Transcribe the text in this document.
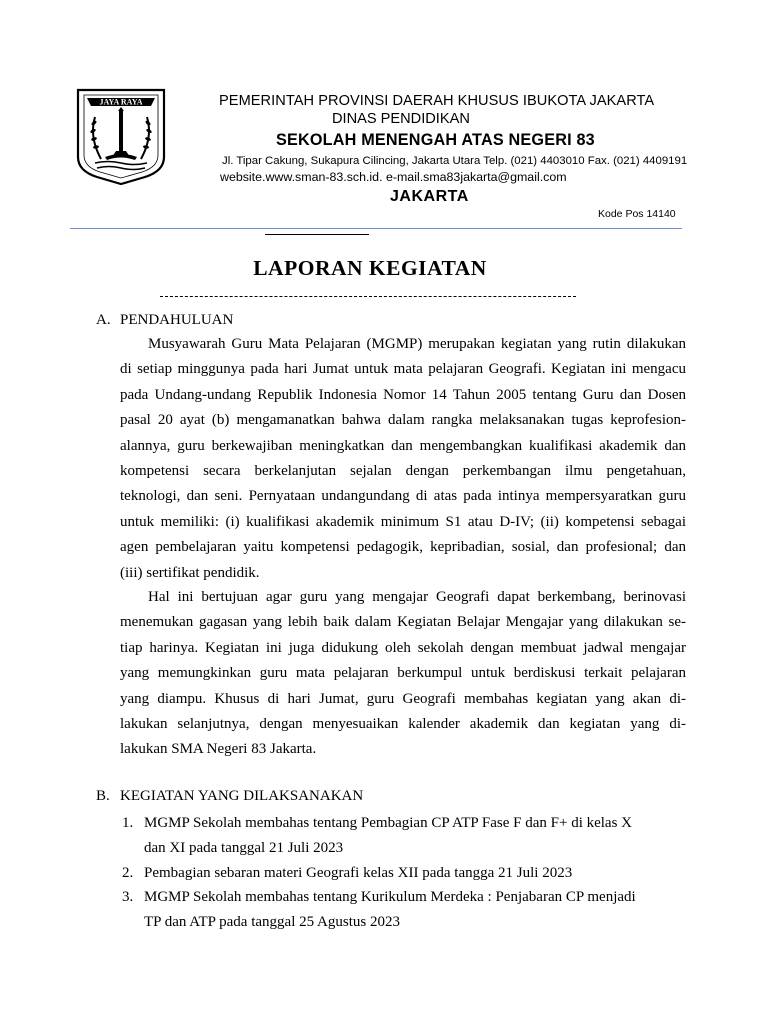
JAYA RAYA	PEMERINTAH PROVINSI DAERAH KHUSUS IBUKOTA JAKARTA
DINAS PENDIDIKAN
SEKOLAH MENENGAH ATAS NEGERI 83
Jl. Tipar Cakung, Sukapura Cilincing, Jakarta Utara Telp. (021) 4403010 Fax. (021) 4409191
website.www.sman-83.sch.id. e-mail.sma83jakarta@gmail.com
JAKARTA
Kode Pos 14140
LAPORAN KEGIATAN
A. PENDAHULUAN
Musyawarah Guru Mata Pelajaran (MGMP) merupakan kegiatan yang rutin dilakukan
di setiap minggunya pada hari Jumat untuk mata pelajaran Geografi. Kegiatan ini mengacu
pada Undang-undang Republik Indonesia Nomor 14 Tahun 2005 tentang Guru dan Dosen
pasal 20 ayat (b) mengamanatkan bahwa dalam rangka melaksanakan tugas keprofesion-
alannya, guru berkewajiban meningkatkan dan mengembangkan kualifikasi akademik dan
kompetensi secara berkelanjutan sejalan dengan perkembangan ilmu pengetahuan,
teknologi, dan seni. Pernyataan undangundang di atas pada intinya mempersyaratkan guru
untuk memiliki: (i) kualifikasi akademik minimum S1 atau D-IV; (ii) kompetensi sebagai
agen pembelajaran yaitu kompetensi pedagogik, kepribadian, sosial, dan profesional; dan
(iii) sertifikat pendidik.
Hal ini bertujuan agar guru yang mengajar Geografi dapat berkembang, berinovasi
menemukan gagasan yang lebih baik dalam Kegiatan Belajar Mengajar yang dilakukan se-
tiap harinya. Kegiatan ini juga didukung oleh sekolah dengan membuat jadwal mengajar
yang memungkinkan guru mata pelajaran berkumpul untuk berdiskusi terkait pelajaran
yang diampu. Khusus di hari Jumat, guru Geografi membahas kegiatan yang akan di-
lakukan selanjutnya, dengan menyesuaikan kalender akademik dan kegiatan yang di-
lakukan SMA Negeri 83 Jakarta.
B. KEGIATAN YANG DILAKSANAKAN
1. MGMP Sekolah membahas tentang Pembagian CP ATP Fase F dan F+ di kelas X
dan XI pada tanggal 21 Juli 2023
2. Pembagian sebaran materi Geografi kelas XII pada tangga 21 Juli 2023
3. MGMP Sekolah membahas tentang Kurikulum Merdeka : Penjabaran CP menjadi
TP dan ATP pada tanggal 25 Agustus 2023
